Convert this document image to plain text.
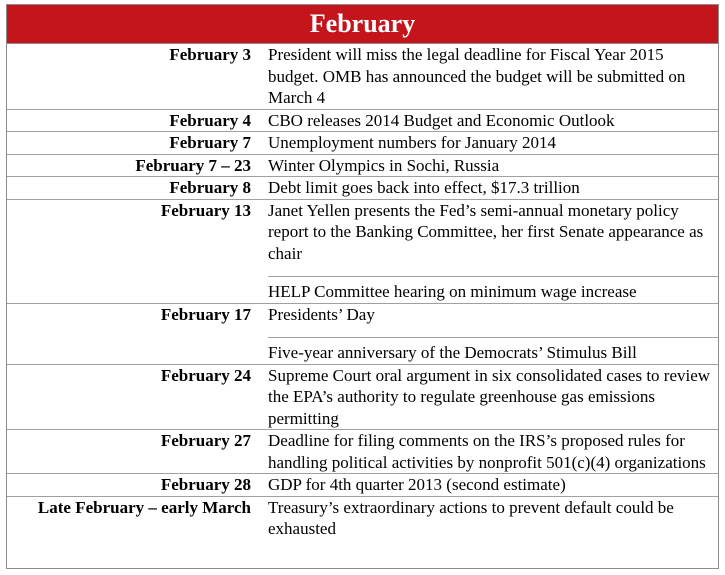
February
February 3	President will miss the legal deadline for Fiscal Year 2015 budget. OMB has announced the budget will be submitted on March 4
February 4	CBO releases 2014 Budget and Economic Outlook
February 7	Unemployment numbers for January 2014
February 7 – 23	Winter Olympics in Sochi, Russia
February 8	Debt limit goes back into effect, $17.3 trillion
February 13	Janet Yellen presents the Fed’s semi-annual monetary policy report to the Banking Committee, her first Senate appearance as chair
HELP Committee hearing on minimum wage increase
February 17	Presidents’ Day
Five-year anniversary of the Democrats’ Stimulus Bill
February 24	Supreme Court oral argument in six consolidated cases to review the EPA’s authority to regulate greenhouse gas emissions permitting
February 27	Deadline for filing comments on the IRS’s proposed rules for handling political activities by nonprofit 501(c)(4) organizations
February 28	GDP for 4th quarter 2013 (second estimate)
Late February – early March	Treasury’s extraordinary actions to prevent default could be exhausted
